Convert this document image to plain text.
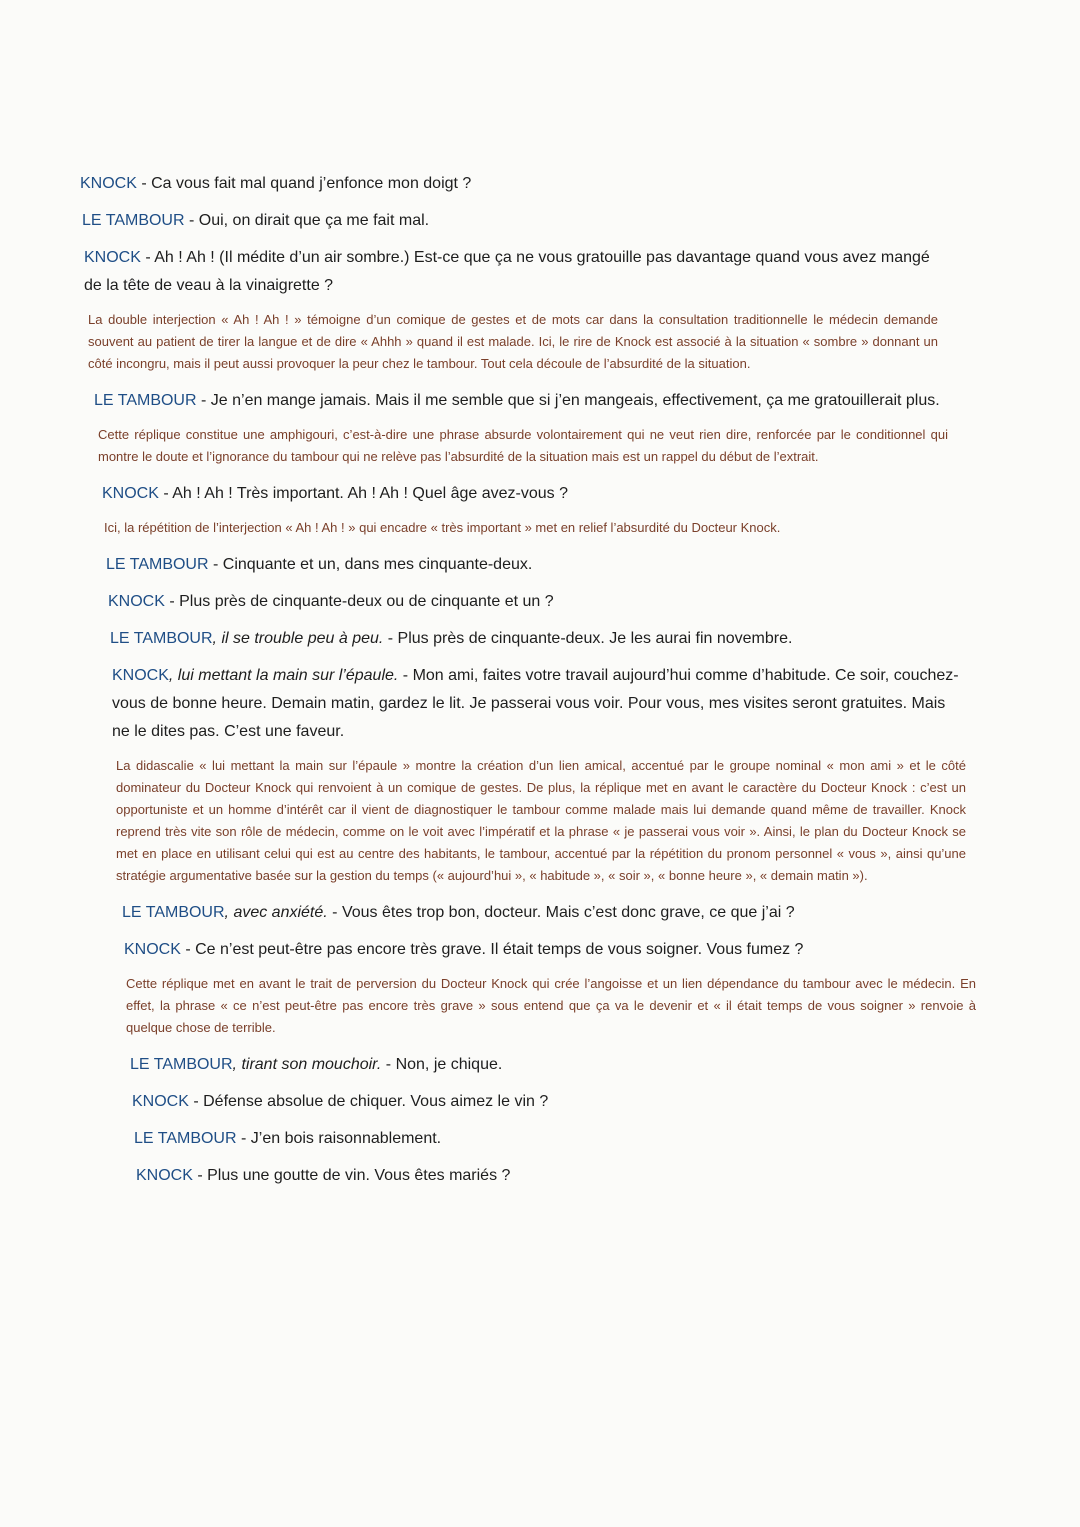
KNOCK - Ca vous fait mal quand j’enfonce mon doigt ?

LE TAMBOUR - Oui, on dirait que ça me fait mal.

KNOCK - Ah ! Ah ! (Il médite d’un air sombre.) Est-ce que ça ne vous gratouille pas davantage quand vous avez mangé de la tête de veau à la vinaigrette ?

La double interjection « Ah ! Ah ! » témoigne d’un comique de gestes et de mots car dans la consultation traditionnelle le médecin demande souvent au patient de tirer la langue et de dire « Ahhh » quand il est malade. Ici, le rire de Knock est associé à la situation « sombre » donnant un côté incongru, mais il peut aussi provoquer la peur chez le tambour. Tout cela découle de l’absurdité de la situation.

LE TAMBOUR - Je n’en mange jamais. Mais il me semble que si j’en mangeais, effectivement, ça me gratouillerait plus.

Cette réplique constitue une amphigouri, c’est-à-dire une phrase absurde volontairement qui ne veut rien dire, renforcée par le conditionnel qui montre le doute et l’ignorance du tambour qui ne relève pas l’absurdité de la situation mais est un rappel du début de l’extrait.

KNOCK - Ah ! Ah ! Très important. Ah ! Ah ! Quel âge avez-vous ?

Ici, la répétition de l’interjection « Ah ! Ah ! » qui encadre « très important » met en relief l’absurdité du Docteur Knock.

LE TAMBOUR - Cinquante et un, dans mes cinquante-deux.

KNOCK - Plus près de cinquante-deux ou de cinquante et un ?

LE TAMBOUR, il se trouble peu à peu. - Plus près de cinquante-deux. Je les aurai fin novembre.

KNOCK, lui mettant la main sur l’épaule. - Mon ami, faites votre travail aujourd’hui comme d’habitude. Ce soir, couchez-vous de bonne heure. Demain matin, gardez le lit. Je passerai vous voir. Pour vous, mes visites seront gratuites. Mais ne le dites pas. C’est une faveur.

La didascalie « lui mettant la main sur l’épaule » montre la création d’un lien amical, accentué par le groupe nominal « mon ami » et le côté dominateur du Docteur Knock qui renvoient à un comique de gestes. De plus, la réplique met en avant le caractère du Docteur Knock : c’est un opportuniste et un homme d’intérêt car il vient de diagnostiquer le tambour comme malade mais lui demande quand même de travailler. Knock reprend très vite son rôle de médecin, comme on le voit avec l’impératif et la phrase « je passerai vous voir ». Ainsi, le plan du Docteur Knock se met en place en utilisant celui qui est au centre des habitants, le tambour, accentué par la répétition du pronom personnel « vous », ainsi qu’une stratégie argumentative basée sur la gestion du temps (« aujourd’hui », « habitude », « soir », « bonne heure », « demain matin »).

LE TAMBOUR, avec anxiété. - Vous êtes trop bon, docteur. Mais c’est donc grave, ce que j’ai ?

KNOCK - Ce n’est peut-être pas encore très grave. Il était temps de vous soigner. Vous fumez ?

Cette réplique met en avant le trait de perversion du Docteur Knock qui crée l’angoisse et un lien dépendance du tambour avec le médecin. En effet, la phrase « ce n’est peut-être pas encore très grave » sous entend que ça va le devenir et « il était temps de vous soigner » renvoie à quelque chose de terrible.

LE TAMBOUR, tirant son mouchoir. - Non, je chique.

KNOCK - Défense absolue de chiquer. Vous aimez le vin ?

LE TAMBOUR - J’en bois raisonnablement.

KNOCK - Plus une goutte de vin. Vous êtes mariés ?
